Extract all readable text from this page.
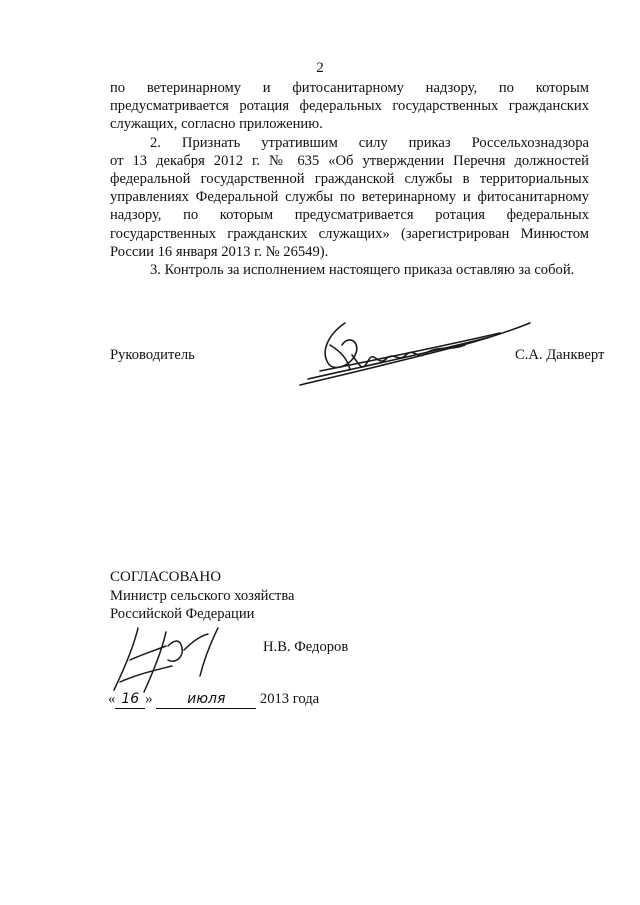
2

по ветеринарному и фитосанитарному надзору, по которым
предусматривается ротация федеральных государственных гражданских
служащих, согласно приложению.

2. Признать утратившим силу приказ Россельхознадзора
от 13 декабря 2012 г. № 635 «Об утверждении Перечня должностей
федеральной государственной гражданской службы в территориальных
управлениях Федеральной службы по ветеринарному и фитосанитарному
надзору, по которым предусматривается ротация федеральных
государственных гражданских служащих» (зарегистрирован Минюстом
России 16 января 2013 г. № 26549).

3. Контроль за исполнением настоящего приказа оставляю за собой.

Руководитель	С.А. Данкверт
СОГЛАСОВАНО
Министр сельского хозяйства
Российской Федерации
Н.В. Федоров
« 16 » июля 2013 года
